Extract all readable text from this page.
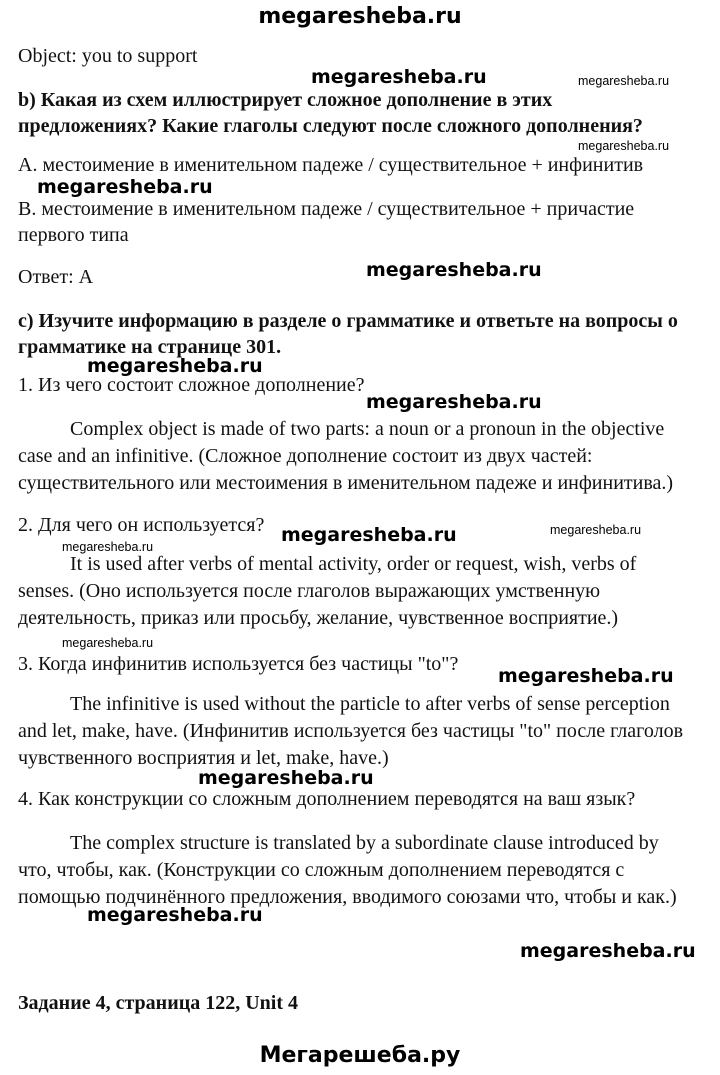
megaresheba.ru
Object: you to support
b) Какая из схем иллюстрирует сложное дополнение в этих
предложениях? Какие глаголы следуют после сложного дополнения?
A. местоимение в именительном падеже / существительное + инфинитив
B. местоимение в именительном падеже / существительное + причастие
первого типа
Ответ: A
c) Изучите информацию в разделе о грамматике и ответьте на вопросы о
грамматике на странице 301.
1. Из чего состоит сложное дополнение?
Complex object is made of two parts: a noun or a pronoun in the objective
case and an infinitive. (Сложное дополнение состоит из двух частей:
существительного или местоимения в именительном падеже и инфинитива.)
2. Для чего он используется?
It is used after verbs of mental activity, order or request, wish, verbs of
senses. (Оно используется после глаголов выражающих умственную
деятельность, приказ или просьбу, желание, чувственное восприятие.)
3. Когда инфинитив используется без частицы "to"?
The infinitive is used without the particle to after verbs of sense perception
and let, make, have. (Инфинитив используется без частицы "to" после глаголов
чувственного восприятия и let, make, have.)
4. Как конструкции со сложным дополнением переводятся на ваш язык?
The complex structure is translated by a subordinate clause introduced by
что, чтобы, как. (Конструкции со сложным дополнением переводятся с
помощью подчинённого предложения, вводимого союзами что, чтобы и как.)
Задание 4, страница 122, Unit 4
megaresheba.ru
megaresheba.ru
megaresheba.ru
megaresheba.ru
megaresheba.ru
megaresheba.ru
megaresheba.ru
megaresheba.ru
megaresheba.ru
megaresheba.ru
megaresheba.ru
megaresheba.ru
megaresheba.ru
megaresheba.ru
megaresheba.ru
Мегарешеба.ру
